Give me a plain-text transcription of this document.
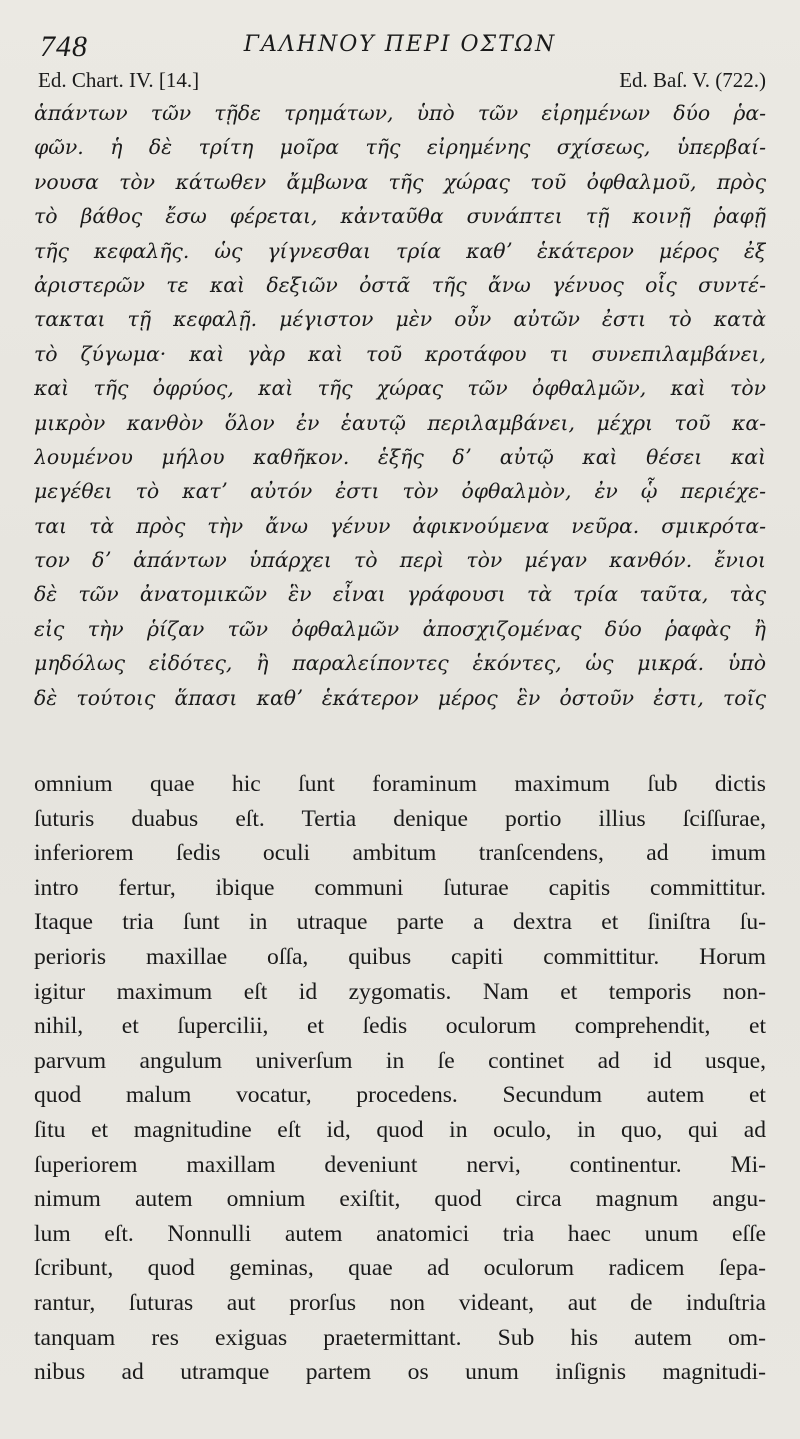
748	ΓΑΛΗΝΟΥ ΠΕΡΙ ΟΣΤΩΝ
Ed. Chart. IV. [14.]	Ed. Baſ. V. (722.)
ἁπάντων τῶν τῇδε τρημάτων, ὑπὸ τῶν εἰρημένων δύο ῥα-
φῶν. ἡ δὲ τρίτη μοῖρα τῆς εἰρημένης σχίσεως, ὑπερβαί-
νουσα τὸν κάτωθεν ἄμβωνα τῆς χώρας τοῦ ὀφθαλμοῦ, πρὸς
τὸ βάθος ἔσω φέρεται, κἀνταῦθα συνάπτει τῇ κοινῇ ῥαφῇ
τῆς κεφαλῆς. ὡς γίγνεσθαι τρία καθʼ ἑκάτερον μέρος ἐξ
ἀριστερῶν τε καὶ δεξιῶν ὀστᾶ τῆς ἄνω γένυος οἷς συντέ-
τακται τῇ κεφαλῇ. μέγιστον μὲν οὖν αὐτῶν ἐστι τὸ κατὰ
τὸ ζύγωμα· καὶ γὰρ καὶ τοῦ κροτάφου τι συνεπιλαμβάνει,
καὶ τῆς ὀφρύος, καὶ τῆς χώρας τῶν ὀφθαλμῶν, καὶ τὸν
μικρὸν κανθὸν ὅλον ἐν ἑαυτῷ περιλαμβάνει, μέχρι τοῦ κα-
λουμένου μήλου καθῆκον. ἑξῆς δʼ αὐτῷ καὶ θέσει καὶ
μεγέθει τὸ κατʼ αὐτόν ἐστι τὸν ὀφθαλμὸν, ἐν ᾧ περιέχε-
ται τὰ πρὸς τὴν ἄνω γένυν ἀφικνούμενα νεῦρα. σμικρότα-
τον δʼ ἁπάντων ὑπάρχει τὸ περὶ τὸν μέγαν κανθόν. ἔνιοι
δὲ τῶν ἀνατομικῶν ἓν εἶναι γράφουσι τὰ τρία ταῦτα, τὰς
εἰς τὴν ῥίζαν τῶν ὀφθαλμῶν ἀποσχιζομένας δύο ῥαφὰς ἢ
μηδόλως εἰδότες, ἢ παραλείποντες ἑκόντες, ὡς μικρά. ὑπὸ
δὲ τούτοις ἅπασι καθʼ ἑκάτερον μέρος ἓν ὀστοῦν ἐστι, τοῖς
omnium quae hic ſunt foraminum maximum ſub dictis
ſuturis duabus eſt. Tertia denique portio illius ſciſſurae,
inferiorem ſedis oculi ambitum tranſcendens, ad imum
intro fertur, ibique communi ſuturae capitis committitur.
Itaque tria ſunt in utraque parte a dextra et ſiniſtra ſu-
perioris maxillae oſſa, quibus capiti committitur. Horum
igitur maximum eſt id zygomatis. Nam et temporis non-
nihil, et ſupercilii, et ſedis oculorum comprehendit, et
parvum angulum univerſum in ſe continet ad id usque,
quod malum vocatur, procedens. Secundum autem et
ſitu et magnitudine eſt id, quod in oculo, in quo, qui ad
ſuperiorem maxillam deveniunt nervi, continentur. Mi-
nimum autem omnium exiſtit, quod circa magnum angu-
lum eſt. Nonnulli autem anatomici tria haec unum eſſe
ſcribunt, quod geminas, quae ad oculorum radicem ſepa-
rantur, ſuturas aut prorſus non videant, aut de induſtria
tanquam res exiguas praetermittant. Sub his autem om-
nibus ad utramque partem os unum inſignis magnitudi-
